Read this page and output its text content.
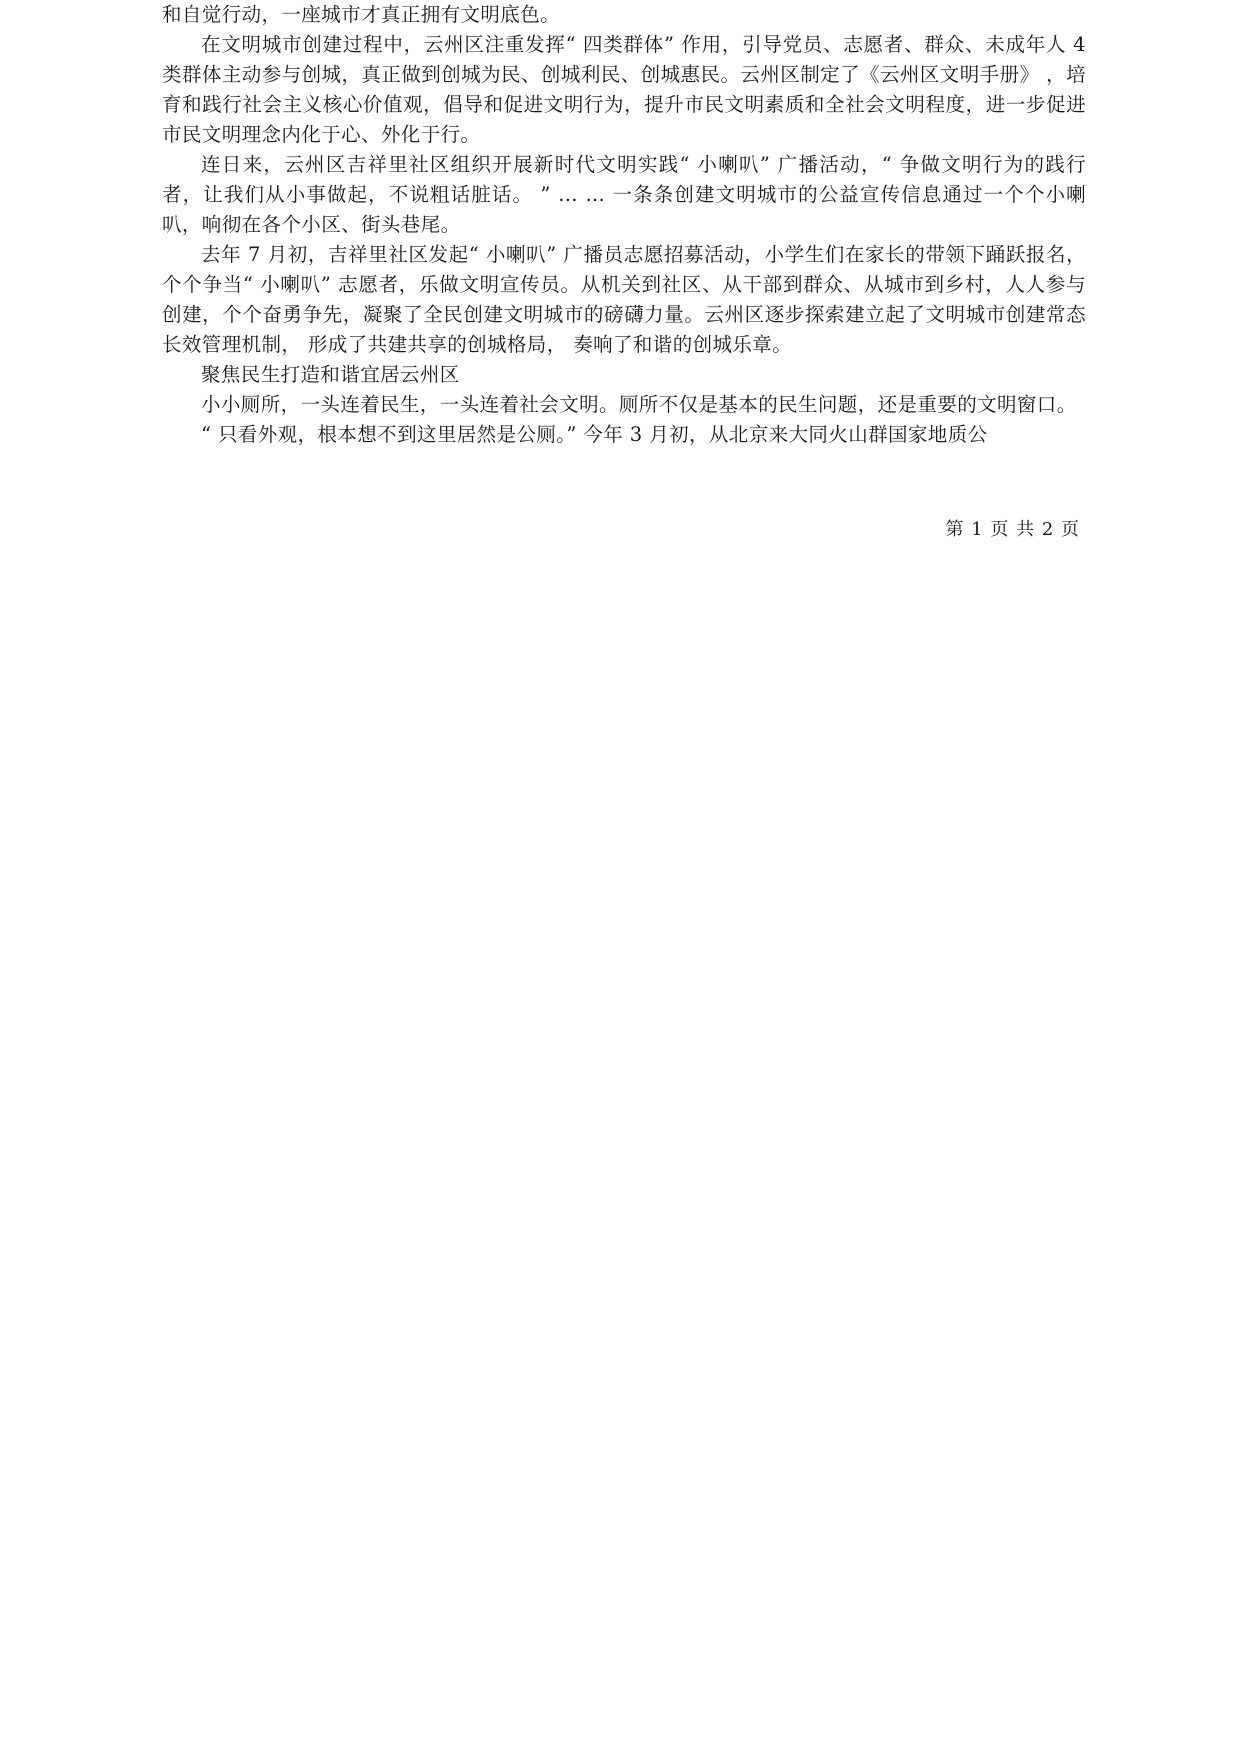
和自觉行动，一座城市才真正拥有文明底色。

在文明城市创建过程中，云州区注重发挥“ 四类群体” 作用，引导党员、志愿者、群众、未成年人 4 类群体主动参与创城，真正做到创城为民、创城利民、创城惠民。云州区制定了《云州区文明手册》 ，培育和践行社会主义核心价值观，倡导和促进文明行为，提升市民文明素质和全社会文明程度，进一步促进市民文明理念内化于心、外化于行。

连日来，云州区吉祥里社区组织开展新时代文明实践“ 小喇叭” 广播活动，“ 争做文明行为的践行者，让我们从小事做起，不说粗话脏话。 ” … … 一条条创建文明城市的公益宣传信息通过一个个小喇叭，响彻在各个小区、街头巷尾。

去年 7 月初，吉祥里社区发起“ 小喇叭” 广播员志愿招募活动，小学生们在家长的带领下踊跃报名，个个争当“ 小喇叭” 志愿者，乐做文明宣传员。从机关到社区、从干部到群众、从城市到乡村，人人参与创建，个个奋勇争先，凝聚了全民创建文明城市的磅礴力量。云州区逐步探索建立起了文明城市创建常态长效管理机制， 形成了共建共享的创城格局， 奏响了和谐的创城乐章。

聚焦民生打造和谐宜居云州区

小小厕所，一头连着民生，一头连着社会文明。厕所不仅是基本的民生问题，还是重要的文明窗口。

“ 只看外观，根本想不到这里居然是公厕。” 今年 3 月初，从北京来大同火山群国家地质公

第 1 页 共 2 页
